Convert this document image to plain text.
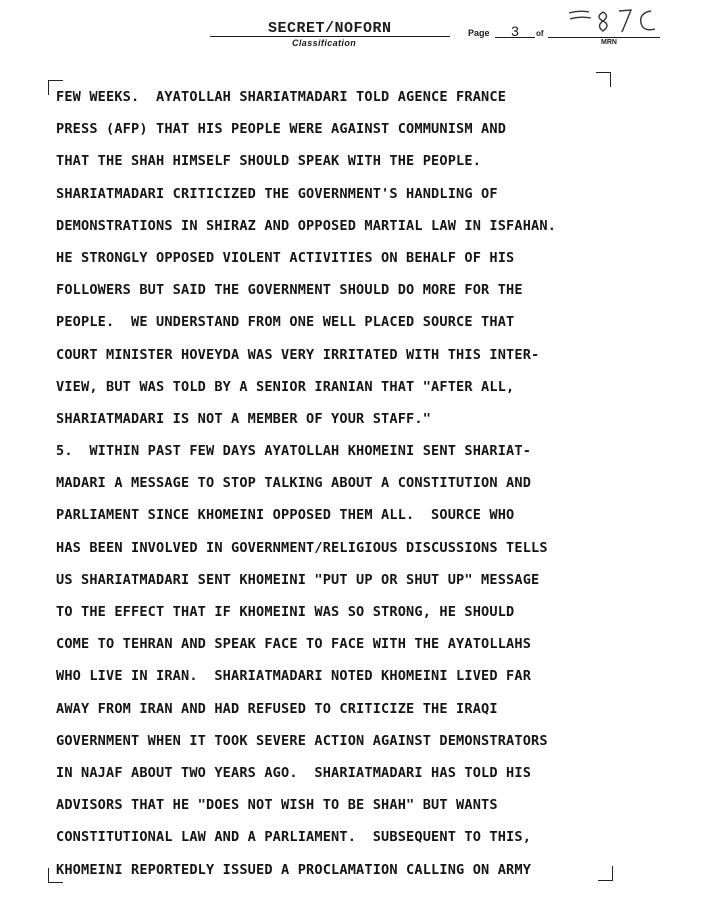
SECRET/NOFORN
Classification
Page	3	of
MRN
FEW WEEKS.  AYATOLLAH SHARIATMADARI TOLD AGENCE FRANCE
PRESS (AFP) THAT HIS PEOPLE WERE AGAINST COMMUNISM AND
THAT THE SHAH HIMSELF SHOULD SPEAK WITH THE PEOPLE.
SHARIATMADARI CRITICIZED THE GOVERNMENT'S HANDLING OF
DEMONSTRATIONS IN SHIRAZ AND OPPOSED MARTIAL LAW IN ISFAHAN.
HE STRONGLY OPPOSED VIOLENT ACTIVITIES ON BEHALF OF HIS
FOLLOWERS BUT SAID THE GOVERNMENT SHOULD DO MORE FOR THE
PEOPLE.  WE UNDERSTAND FROM ONE WELL PLACED SOURCE THAT
COURT MINISTER HOVEYDA WAS VERY IRRITATED WITH THIS INTER-
VIEW, BUT WAS TOLD BY A SENIOR IRANIAN THAT "AFTER ALL,
SHARIATMADARI IS NOT A MEMBER OF YOUR STAFF."
5.  WITHIN PAST FEW DAYS AYATOLLAH KHOMEINI SENT SHARIAT-
MADARI A MESSAGE TO STOP TALKING ABOUT A CONSTITUTION AND
PARLIAMENT SINCE KHOMEINI OPPOSED THEM ALL.  SOURCE WHO
HAS BEEN INVOLVED IN GOVERNMENT/RELIGIOUS DISCUSSIONS TELLS
US SHARIATMADARI SENT KHOMEINI "PUT UP OR SHUT UP" MESSAGE
TO THE EFFECT THAT IF KHOMEINI WAS SO STRONG, HE SHOULD
COME TO TEHRAN AND SPEAK FACE TO FACE WITH THE AYATOLLAHS
WHO LIVE IN IRAN.  SHARIATMADARI NOTED KHOMEINI LIVED FAR
AWAY FROM IRAN AND HAD REFUSED TO CRITICIZE THE IRAQI
GOVERNMENT WHEN IT TOOK SEVERE ACTION AGAINST DEMONSTRATORS
IN NAJAF ABOUT TWO YEARS AGO.  SHARIATMADARI HAS TOLD HIS
ADVISORS THAT HE "DOES NOT WISH TO BE SHAH" BUT WANTS
CONSTITUTIONAL LAW AND A PARLIAMENT.  SUBSEQUENT TO THIS,
KHOMEINI REPORTEDLY ISSUED A PROCLAMATION CALLING ON ARMY
